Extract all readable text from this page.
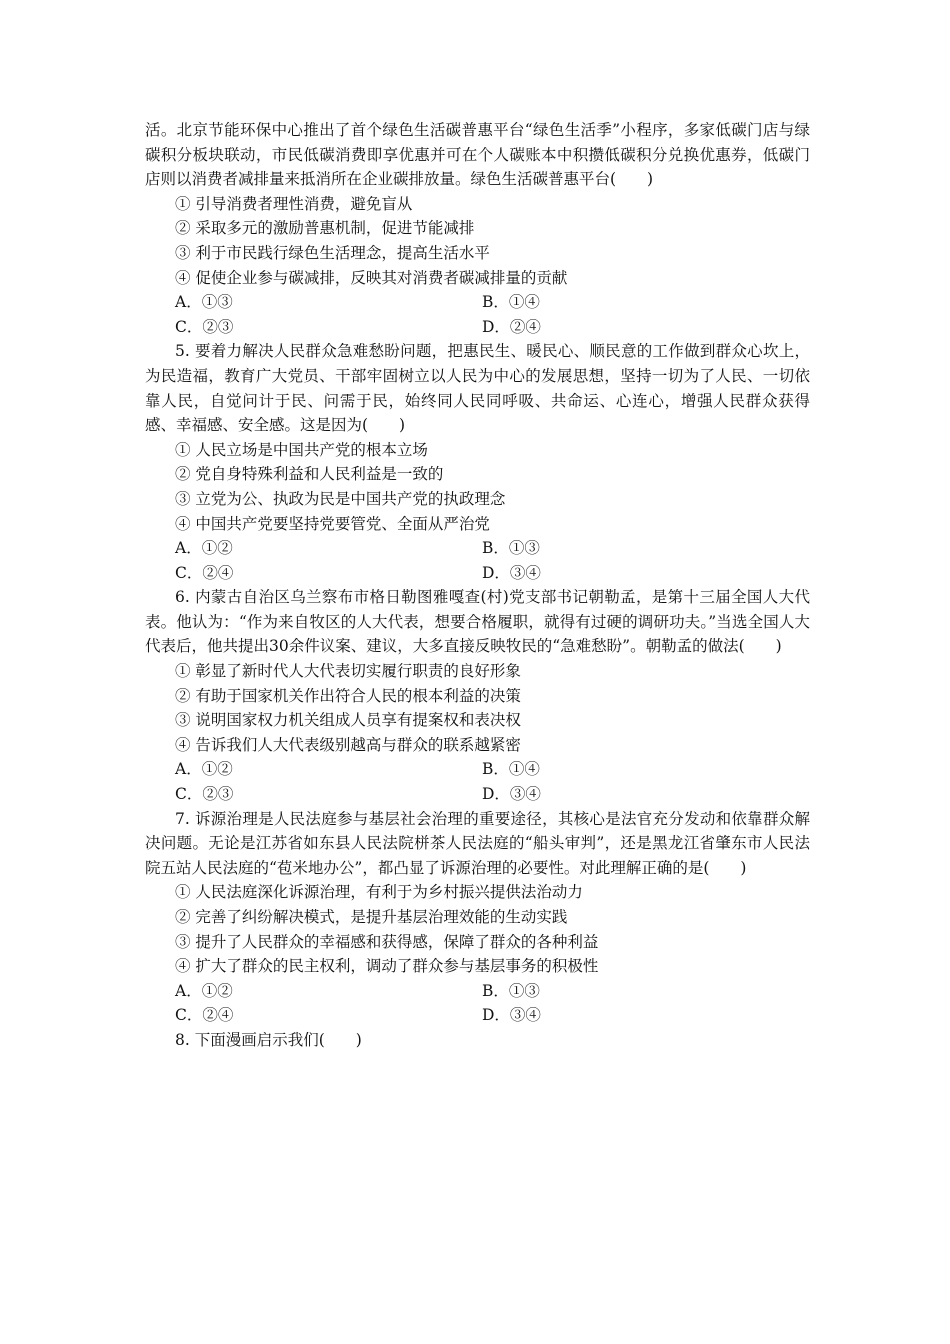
活。北京节能环保中心推出了首个绿色生活碳普惠平台“绿色生活季”小程序，多家低碳门店与绿碳积分板块联动，市民低碳消费即享优惠并可在个人碳账本中积攒低碳积分兑换优惠券，低碳门店则以消费者减排量来抵消所在企业碳排放量。绿色生活碳普惠平台(　　)

① 引导消费者理性消费，避免盲从

② 采取多元的激励普惠机制，促进节能减排

③ 利于市民践行绿色生活理念，提高生活水平

④ 促使企业参与碳减排，反映其对消费者碳减排量的贡献

A．①③	B．①④
C．②③	D．②④

5. 要着力解决人民群众急难愁盼问题，把惠民生、暖民心、顺民意的工作做到群众心坎上，为民造福，教育广大党员、干部牢固树立以人民为中心的发展思想，坚持一切为了人民、一切依靠人民，自觉问计于民、问需于民，始终同人民同呼吸、共命运、心连心，增强人民群众获得感、幸福感、安全感。这是因为(　　)

① 人民立场是中国共产党的根本立场

② 党自身特殊利益和人民利益是一致的

③ 立党为公、执政为民是中国共产党的执政理念

④ 中国共产党要坚持党要管党、全面从严治党

A．①②	B．①③
C．②④	D．③④

6. 内蒙古自治区乌兰察布市格日勒图雅嘎查(村)党支部书记朝勒孟，是第十三届全国人大代表。他认为：“作为来自牧区的人大代表，想要合格履职，就得有过硬的调研功夫。”当选全国人大代表后，他共提出30余件议案、建议，大多直接反映牧民的“急难愁盼”。朝勒孟的做法(　　)

① 彰显了新时代人大代表切实履行职责的良好形象

② 有助于国家机关作出符合人民的根本利益的决策

③ 说明国家权力机关组成人员享有提案权和表决权

④ 告诉我们人大代表级别越高与群众的联系越紧密

A．①②	B．①④
C．②③	D．③④

7. 诉源治理是人民法庭参与基层社会治理的重要途径，其核心是法官充分发动和依靠群众解决问题。无论是江苏省如东县人民法院栟茶人民法庭的“船头审判”，还是黑龙江省肇东市人民法院五站人民法庭的“苞米地办公”，都凸显了诉源治理的必要性。对此理解正确的是(　　)

① 人民法庭深化诉源治理，有利于为乡村振兴提供法治动力

② 完善了纠纷解决模式，是提升基层治理效能的生动实践

③ 提升了人民群众的幸福感和获得感，保障了群众的各种利益

④ 扩大了群众的民主权利，调动了群众参与基层事务的积极性

A．①②	B．①③
C．②④	D．③④

8. 下面漫画启示我们(　　)
